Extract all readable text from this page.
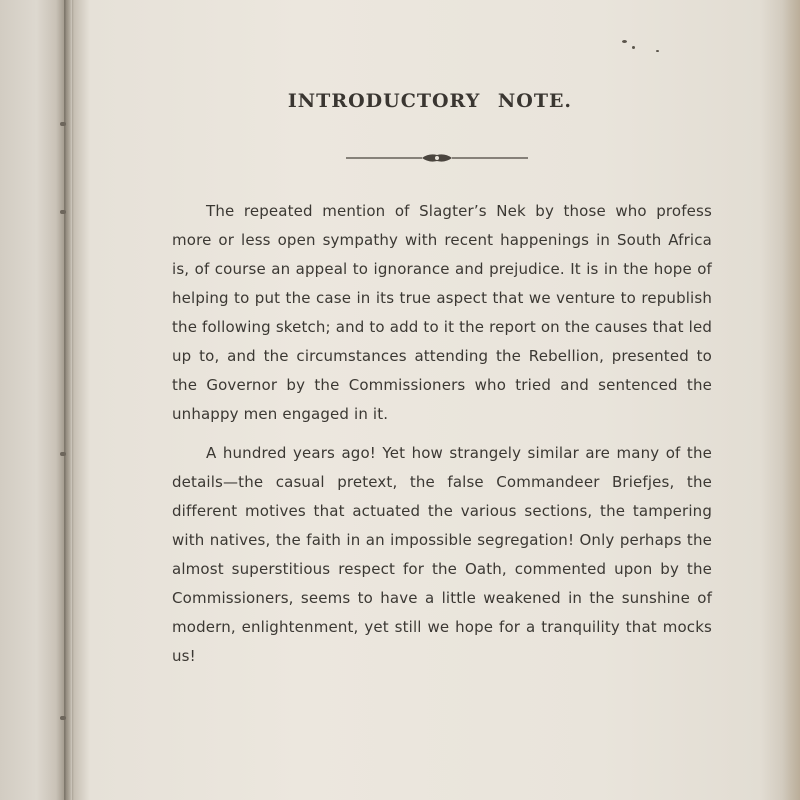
INTRODUCTORY NOTE.

The repeated mention of Slagter’s Nek by those who profess more or less open sympathy with recent happenings in South Africa is, of course an appeal to ignorance and prejudice. It is in the hope of helping to put the case in its true aspect that we venture to republish the following sketch; and to add to it the report on the causes that led up to, and the circumstances attending the Rebellion, presented to the Governor by the Commissioners who tried and sentenced the unhappy men engaged in it.

A hundred years ago! Yet how strangely similar are many of the details—the casual pretext, the false Commandeer Briefjes, the different motives that actuated the various sections, the tampering with natives, the faith in an impossible segregation! Only perhaps the almost superstitious respect for the Oath, commented upon by the Commissioners, seems to have a little weakened in the sunshine of modern, enlightenment, yet still we hope for a tranquility that mocks us!
